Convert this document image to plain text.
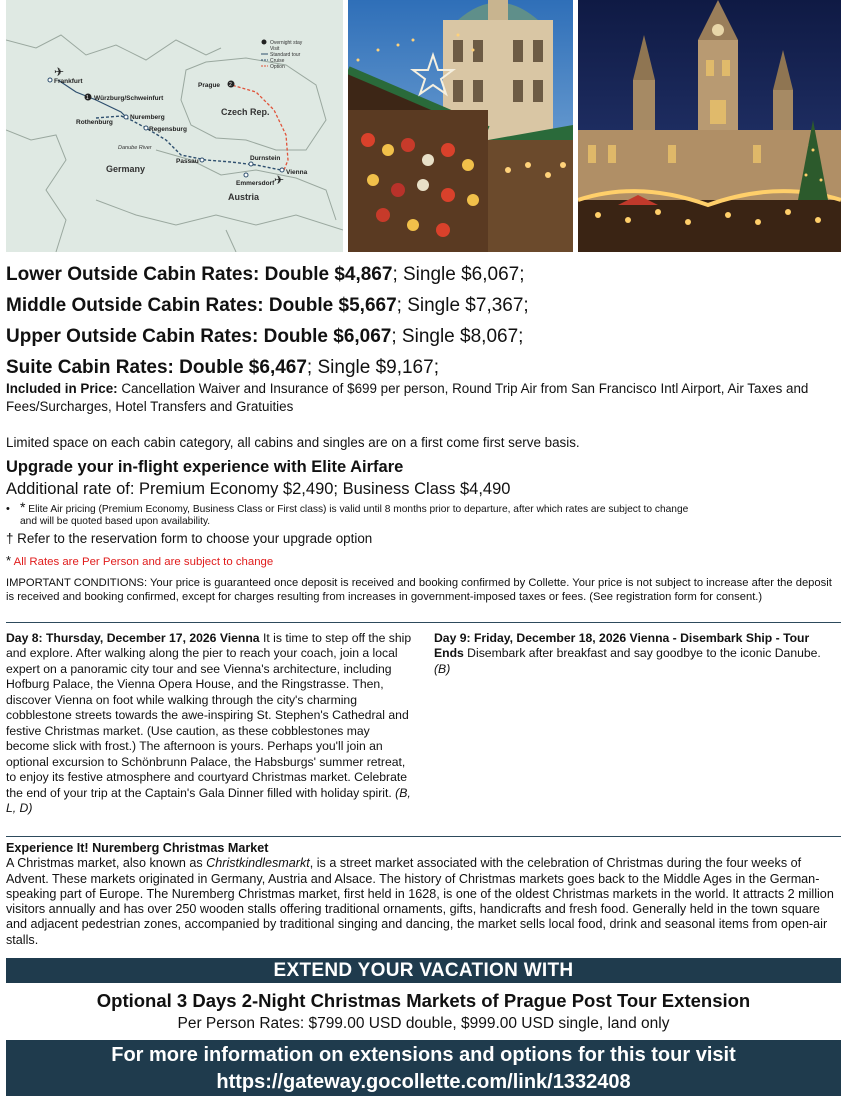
✈
✈
Overnight stay
Visit
Standard tour
Cruise
Option
Frankfurt
Würzburg/Schweinfurt
Rothenburg
Nuremberg
Regensburg
Passau	Durnstein
Emmersdorf
Vienna
Prague
1
2
Czech Rep.
Germany
Austria
Danube River
Lower Outside Cabin Rates: Double $4,867; Single $6,067;
Middle Outside Cabin Rates: Double $5,667; Single $7,367;
Upper Outside Cabin Rates: Double $6,067; Single $8,067;
Suite Cabin Rates: Double $6,467; Single $9,167;
Included in Price: Cancellation Waiver and Insurance of $699 per person, Round Trip Air from San Francisco Intl Airport, Air Taxes and Fees/Surcharges, Hotel Transfers and Gratuities
Limited space on each cabin category, all cabins and singles are on a first come first serve basis.
Upgrade your in-flight experience with Elite Airfare
Additional rate of: Premium Economy $2,490; Business Class $4,490
• * Elite Air pricing (Premium Economy, Business Class or First class) is valid until 8 months prior to departure, after which rates are subject to change
and will be quoted based upon availability.
† Refer to the reservation form to choose your upgrade option
* All Rates are Per Person and are subject to change
IMPORTANT CONDITIONS: Your price is guaranteed once deposit is received and booking confirmed by Collette. Your price is not subject to increase after the deposit is received and booking confirmed, except for charges resulting from increases in government-imposed taxes or fees. (See registration form for consent.)
Day 8: Thursday, December 17, 2026 Vienna It is time to step off the ship and explore. After walking along the pier to reach your coach, join a local expert on a panoramic city tour and see Vienna's architecture, including Hofburg Palace, the Vienna Opera House, and the Ringstrasse. Then, discover Vienna on foot while walking through the city's charming cobblestone streets towards the awe-inspiring St. Stephen's Cathedral and festive Christmas market. (Use caution, as these cobblestones may become slick with frost.) The afternoon is yours. Perhaps you'll join an optional excursion to Schönbrunn Palace, the Habsburgs' summer retreat, to enjoy its festive atmosphere and courtyard Christmas market. Celebrate the end of your trip at the Captain's Gala Dinner filled with holiday spirit. (B, L, D)
Day 9: Friday, December 18, 2026 Vienna - Disembark Ship - Tour Ends Disembark after breakfast and say goodbye to the iconic Danube. (B)
Experience It! Nuremberg Christmas Market
A Christmas market, also known as Christkindlesmarkt, is a street market associated with the celebration of Christmas during the four weeks of Advent. These markets originated in Germany, Austria and Alsace. The history of Christmas markets goes back to the Middle Ages in the German-speaking part of Europe. The Nuremberg Christmas market, first held in 1628, is one of the oldest Christmas markets in the world. It attracts 2 million visitors annually and has over 250 wooden stalls offering traditional ornaments, gifts, handicrafts and fresh food. Generally held in the town square and adjacent pedestrian zones, accompanied by traditional singing and dancing, the market sells local food, drink and seasonal items from open-air stalls.
EXTEND YOUR VACATION WITH
Optional 3 Days 2-Night Christmas Markets of Prague Post Tour Extension
Per Person Rates: $799.00 USD double, $999.00 USD single, land only
For more information on extensions and options for this tour visit
https://gateway.gocollette.com/link/1332408
